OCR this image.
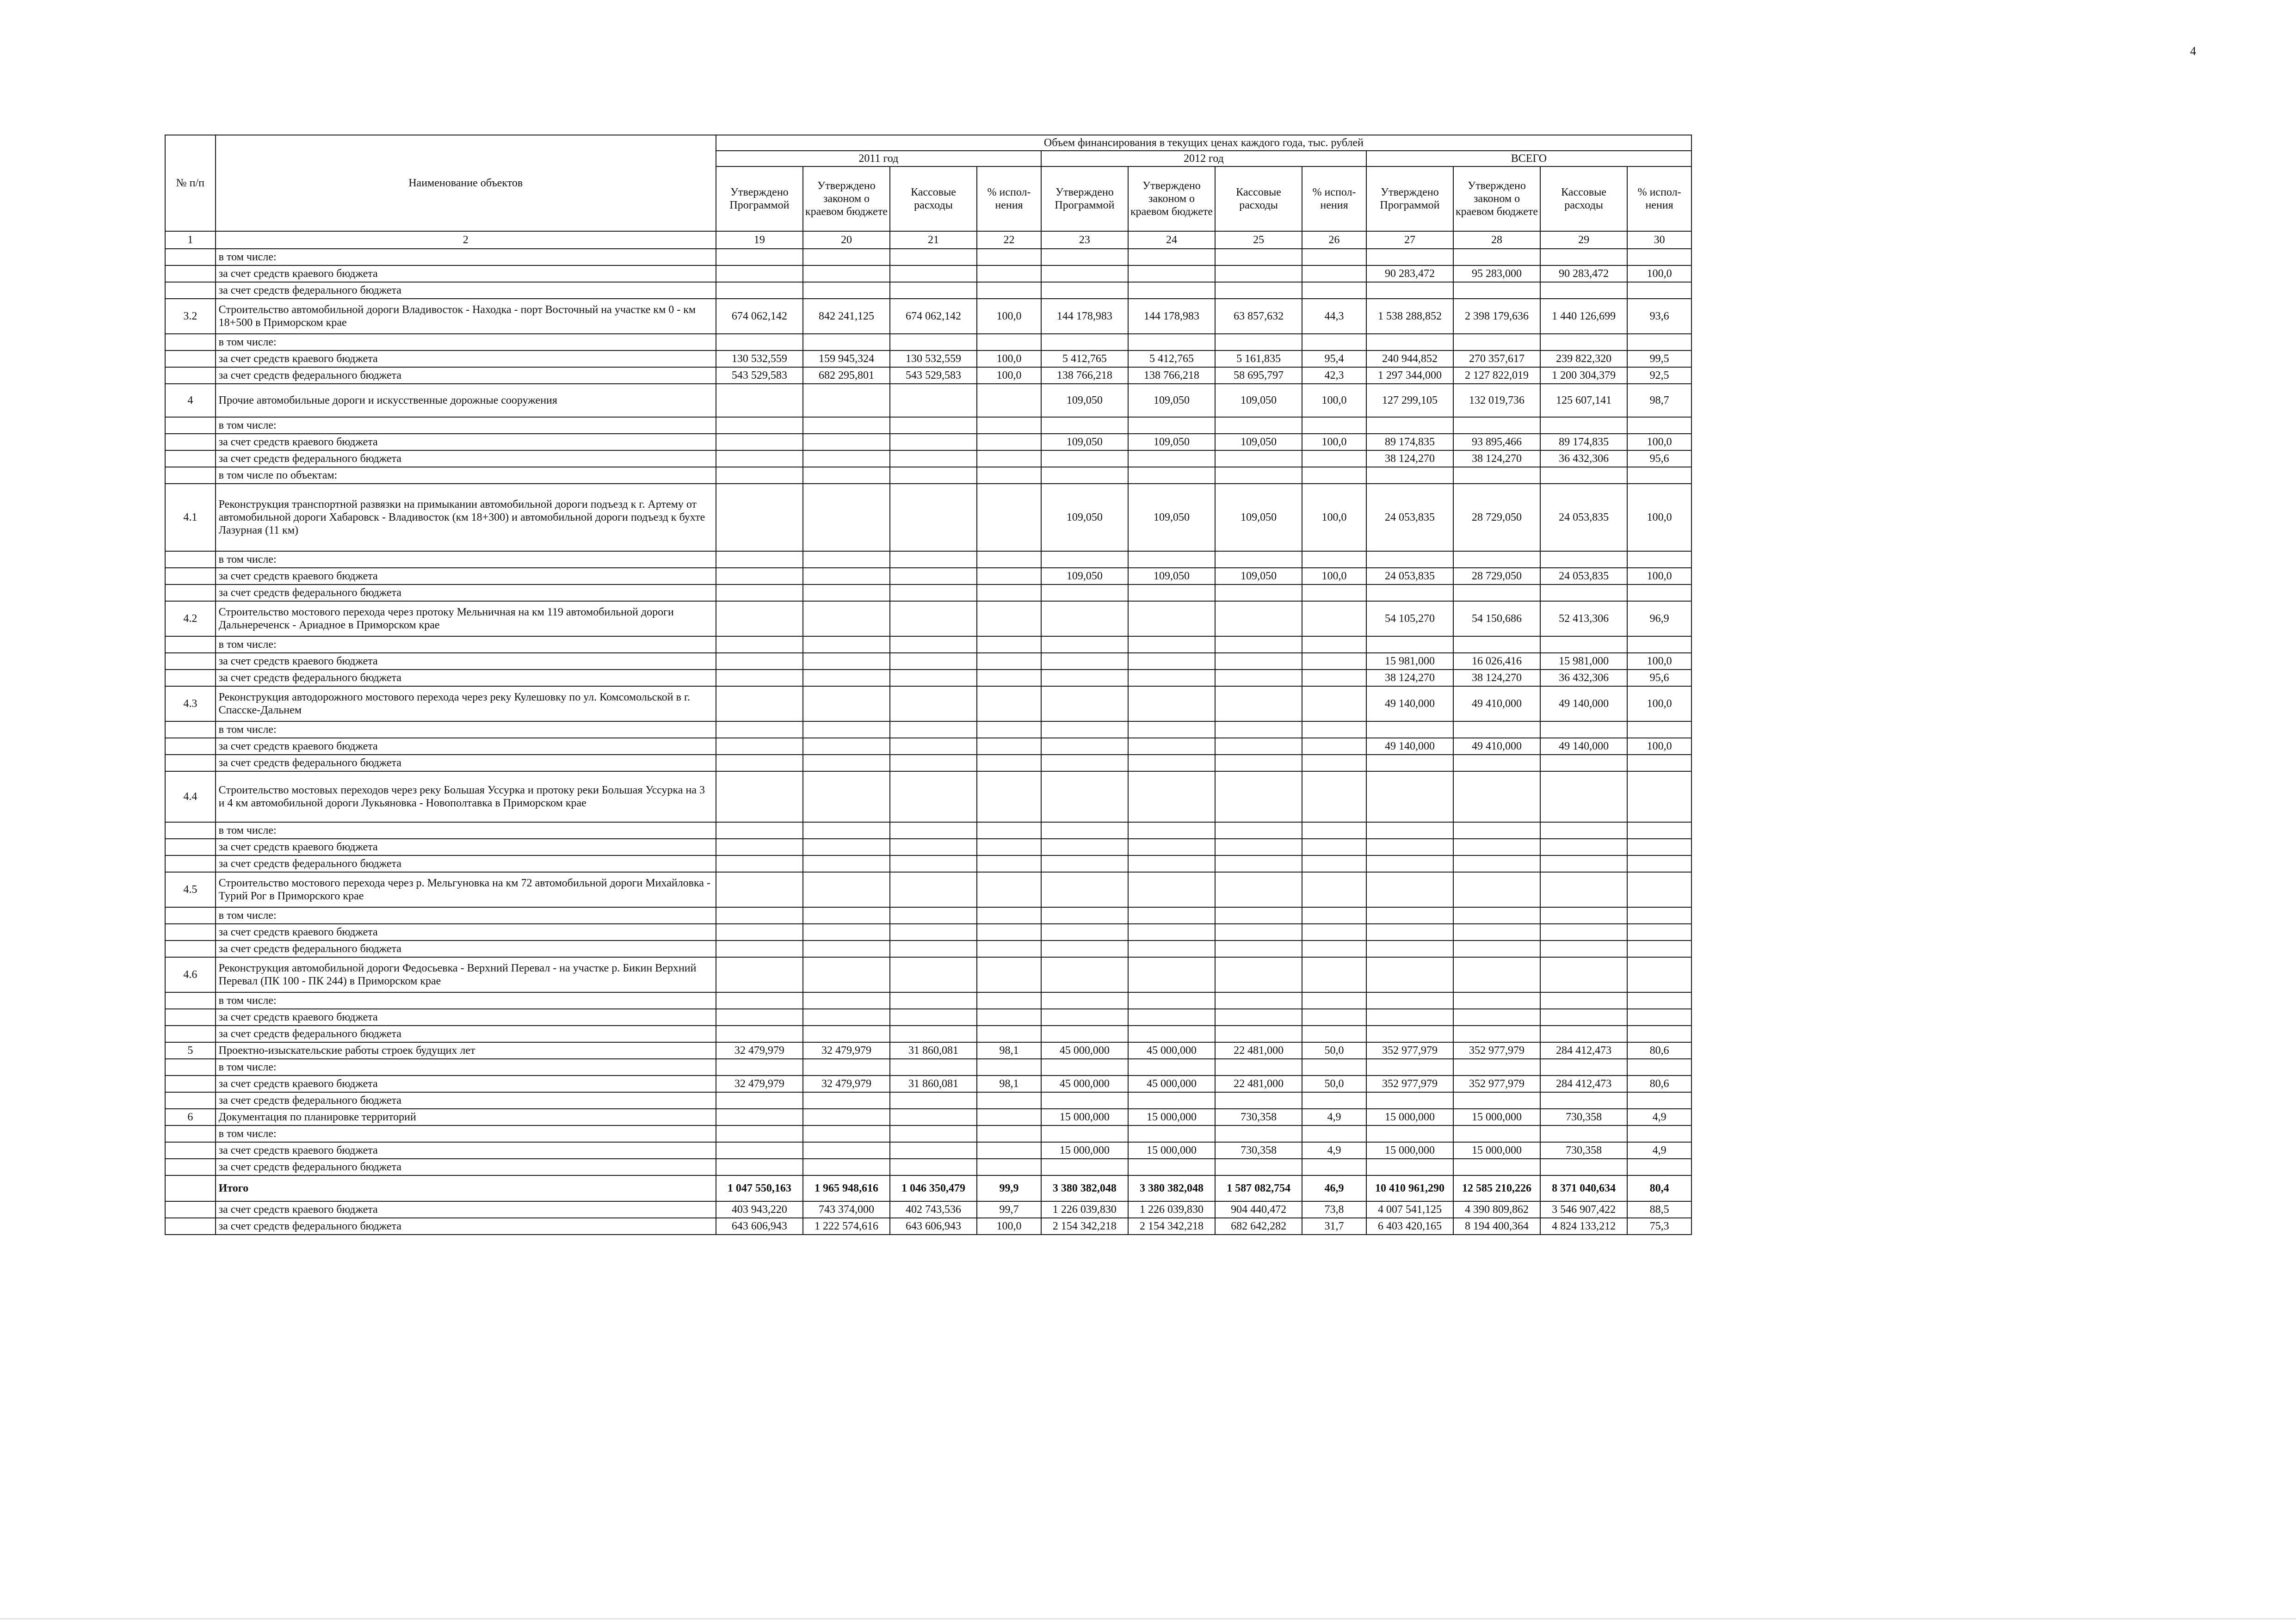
4
№ п/п	Наименование объектов	Объем финансирования в текущих ценах каждого года, тыс. рублей											
		2011 год				2012 год				ВСЕГО			
		Утверждено Программой	Утверждено законом о краевом бюджете	Кассовые расходы	% испол-нения	Утверждено Программой	Утверждено законом о краевом бюджете	Кассовые расходы	% испол-нения	Утверждено Программой	Утверждено законом о краевом бюджете	Кассовые расходы	% испол-нения
1	2	19	20	21	22	23	24	25	26	27	28	29	30
	в том числе:												
	за счет средств краевого бюджета									90 283,472	95 283,000	90 283,472	100,0
	за счет средств федерального бюджета												
3.2	Строительство автомобильной дороги Владивосток - Находка - порт Восточный на участке км 0 - км 18+500 в Приморском крае	674 062,142	842 241,125	674 062,142	100,0	144 178,983	144 178,983	63 857,632	44,3	1 538 288,852	2 398 179,636	1 440 126,699	93,6
	в том числе:												
	за счет средств краевого бюджета	130 532,559	159 945,324	130 532,559	100,0	5 412,765	5 412,765	5 161,835	95,4	240 944,852	270 357,617	239 822,320	99,5
	за счет средств федерального бюджета	543 529,583	682 295,801	543 529,583	100,0	138 766,218	138 766,218	58 695,797	42,3	1 297 344,000	2 127 822,019	1 200 304,379	92,5
4	Прочие автомобильные дороги и искусственные дорожные сооружения					109,050	109,050	109,050	100,0	127 299,105	132 019,736	125 607,141	98,7
	в том числе:												
	за счет средств краевого бюджета					109,050	109,050	109,050	100,0	89 174,835	93 895,466	89 174,835	100,0
	за счет средств федерального бюджета									38 124,270	38 124,270	36 432,306	95,6
	в том числе по объектам:												
4.1	Реконструкция транспортной развязки на примыкании автомобильной дороги подъезд к г. Артему от автомобильной дороги Хабаровск - Владивосток (км 18+300) и автомобильной дороги подъезд к бухте Лазурная (11 км)					109,050	109,050	109,050	100,0	24 053,835	28 729,050	24 053,835	100,0
	в том числе:												
	за счет средств краевого бюджета					109,050	109,050	109,050	100,0	24 053,835	28 729,050	24 053,835	100,0
	за счет средств федерального бюджета												
4.2	Строительство мостового перехода через протоку Мельничная на км 119 автомобильной дороги Дальнереченск - Ариадное в Приморском крае									54 105,270	54 150,686	52 413,306	96,9
	в том числе:												
	за счет средств краевого бюджета									15 981,000	16 026,416	15 981,000	100,0
	за счет средств федерального бюджета									38 124,270	38 124,270	36 432,306	95,6
4.3	Реконструкция автодорожного мостового перехода через реку Кулешовку по ул. Комсомольской в г. Спасске-Дальнем									49 140,000	49 410,000	49 140,000	100,0
	в том числе:												
	за счет средств краевого бюджета									49 140,000	49 410,000	49 140,000	100,0
	за счет средств федерального бюджета												
4.4	Строительство мостовых переходов через реку Большая Уссурка и протоку реки Большая Уссурка на 3 и 4 км автомобильной дороги Лукьяновка - Новополтавка в Приморском крае												
	в том числе:												
	за счет средств краевого бюджета												
	за счет средств федерального бюджета												
4.5	Строительство мостового перехода через р. Мельгуновка на км 72 автомобильной дороги Михайловка - Турий Рог в Приморского крае												
	в том числе:												
	за счет средств краевого бюджета												
	за счет средств федерального бюджета												
4.6	Реконструкция автомобильной дороги Федосьевка - Верхний Перевал - на участке р. Бикин Верхний Перевал (ПК 100 - ПК 244) в Приморском крае												
	в том числе:												
	за счет средств краевого бюджета												
	за счет средств федерального бюджета												
5	Проектно-изыскательские работы строек будущих лет	32 479,979	32 479,979	31 860,081	98,1	45 000,000	45 000,000	22 481,000	50,0	352 977,979	352 977,979	284 412,473	80,6
	в том числе:												
	за счет средств краевого бюджета	32 479,979	32 479,979	31 860,081	98,1	45 000,000	45 000,000	22 481,000	50,0	352 977,979	352 977,979	284 412,473	80,6
	за счет средств федерального бюджета												
6	Документация по планировке территорий					15 000,000	15 000,000	730,358	4,9	15 000,000	15 000,000	730,358	4,9
	в том числе:												
	за счет средств краевого бюджета					15 000,000	15 000,000	730,358	4,9	15 000,000	15 000,000	730,358	4,9
	за счет средств федерального бюджета												
	Итого	1 047 550,163	1 965 948,616	1 046 350,479	99,9	3 380 382,048	3 380 382,048	1 587 082,754	46,9	10 410 961,290	12 585 210,226	8 371 040,634	80,4
	за счет средств краевого бюджета	403 943,220	743 374,000	402 743,536	99,7	1 226 039,830	1 226 039,830	904 440,472	73,8	4 007 541,125	4 390 809,862	3 546 907,422	88,5
	за счет средств федерального бюджета	643 606,943	1 222 574,616	643 606,943	100,0	2 154 342,218	2 154 342,218	682 642,282	31,7	6 403 420,165	8 194 400,364	4 824 133,212	75,3
